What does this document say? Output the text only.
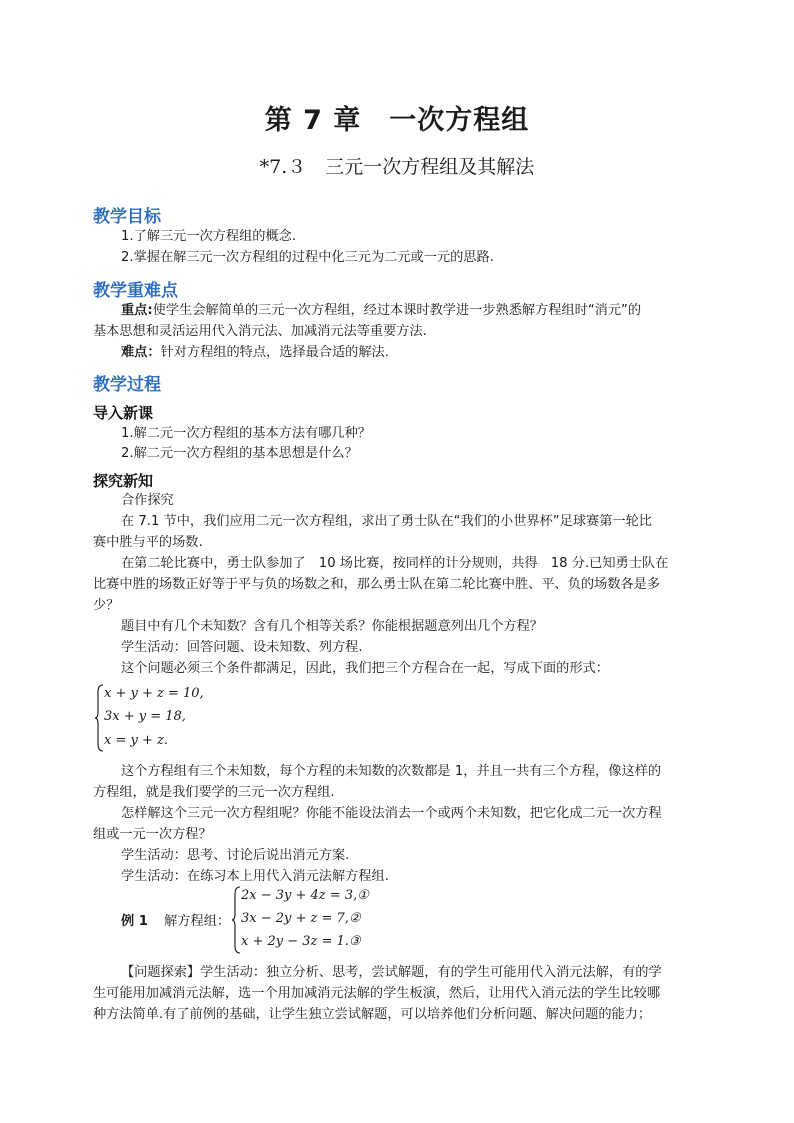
第 7 章　一次方程组
*7.３　三元一次方程组及其解法
教学目标
1.了解三元一次方程组的概念.
2.掌握在解三元一次方程组的过程中化三元为二元或一元的思路.
教学重难点
重点:使学生会解简单的三元一次方程组，经过本课时教学进一步熟悉解方程组时“消元”的
基本思想和灵活运用代入消元法、加减消元法等重要方法.
难点：针对方程组的特点，选择最合适的解法.
教学过程
导入新课
1.解二元一次方程组的基本方法有哪几种？
2.解二元一次方程组的基本思想是什么？
探究新知
合作探究
在 7.1 节中，我们应用二元一次方程组，求出了勇士队在“我们的小世界杯”足球赛第一轮比
赛中胜与平的场数.
在第二轮比赛中，勇士队参加了　10 场比赛，按同样的计分规则，共得　18 分.已知勇士队在
比赛中胜的场数正好等于平与负的场数之和，那么勇士队在第二轮比赛中胜、平、负的场数各是多
少？
题目中有几个未知数？含有几个相等关系？你能根据题意列出几个方程？
学生活动：回答问题、设未知数、列方程.
这个问题必须三个条件都满足，因此，我们把三个方程合在一起，写成下面的形式：
x + y + z = 10,
3x + y = 18,
x = y + z.
这个方程组有三个未知数，每个方程的未知数的次数都是 1，并且一共有三个方程，像这样的
方程组，就是我们要学的三元一次方程组.
怎样解这个三元一次方程组呢？你能不能设法消去一个或两个未知数，把它化成二元一次方程
组或一元一次方程？
学生活动：思考、讨论后说出消元方案.
学生活动：在练习本上用代入消元法解方程组.
例 1 解方程组：
2x − 3y + 4z = 3,①
3x − 2y + z = 7,②
x + 2y − 3z = 1.③
【问题探索】学生活动：独立分析、思考，尝试解题，有的学生可能用代入消元法解，有的学
生可能用加减消元法解，选一个用加减消元法解的学生板演，然后，让用代入消元法的学生比较哪
种方法简单.有了前例的基础，让学生独立尝试解题，可以培养他们分析问题、解决问题的能力；
